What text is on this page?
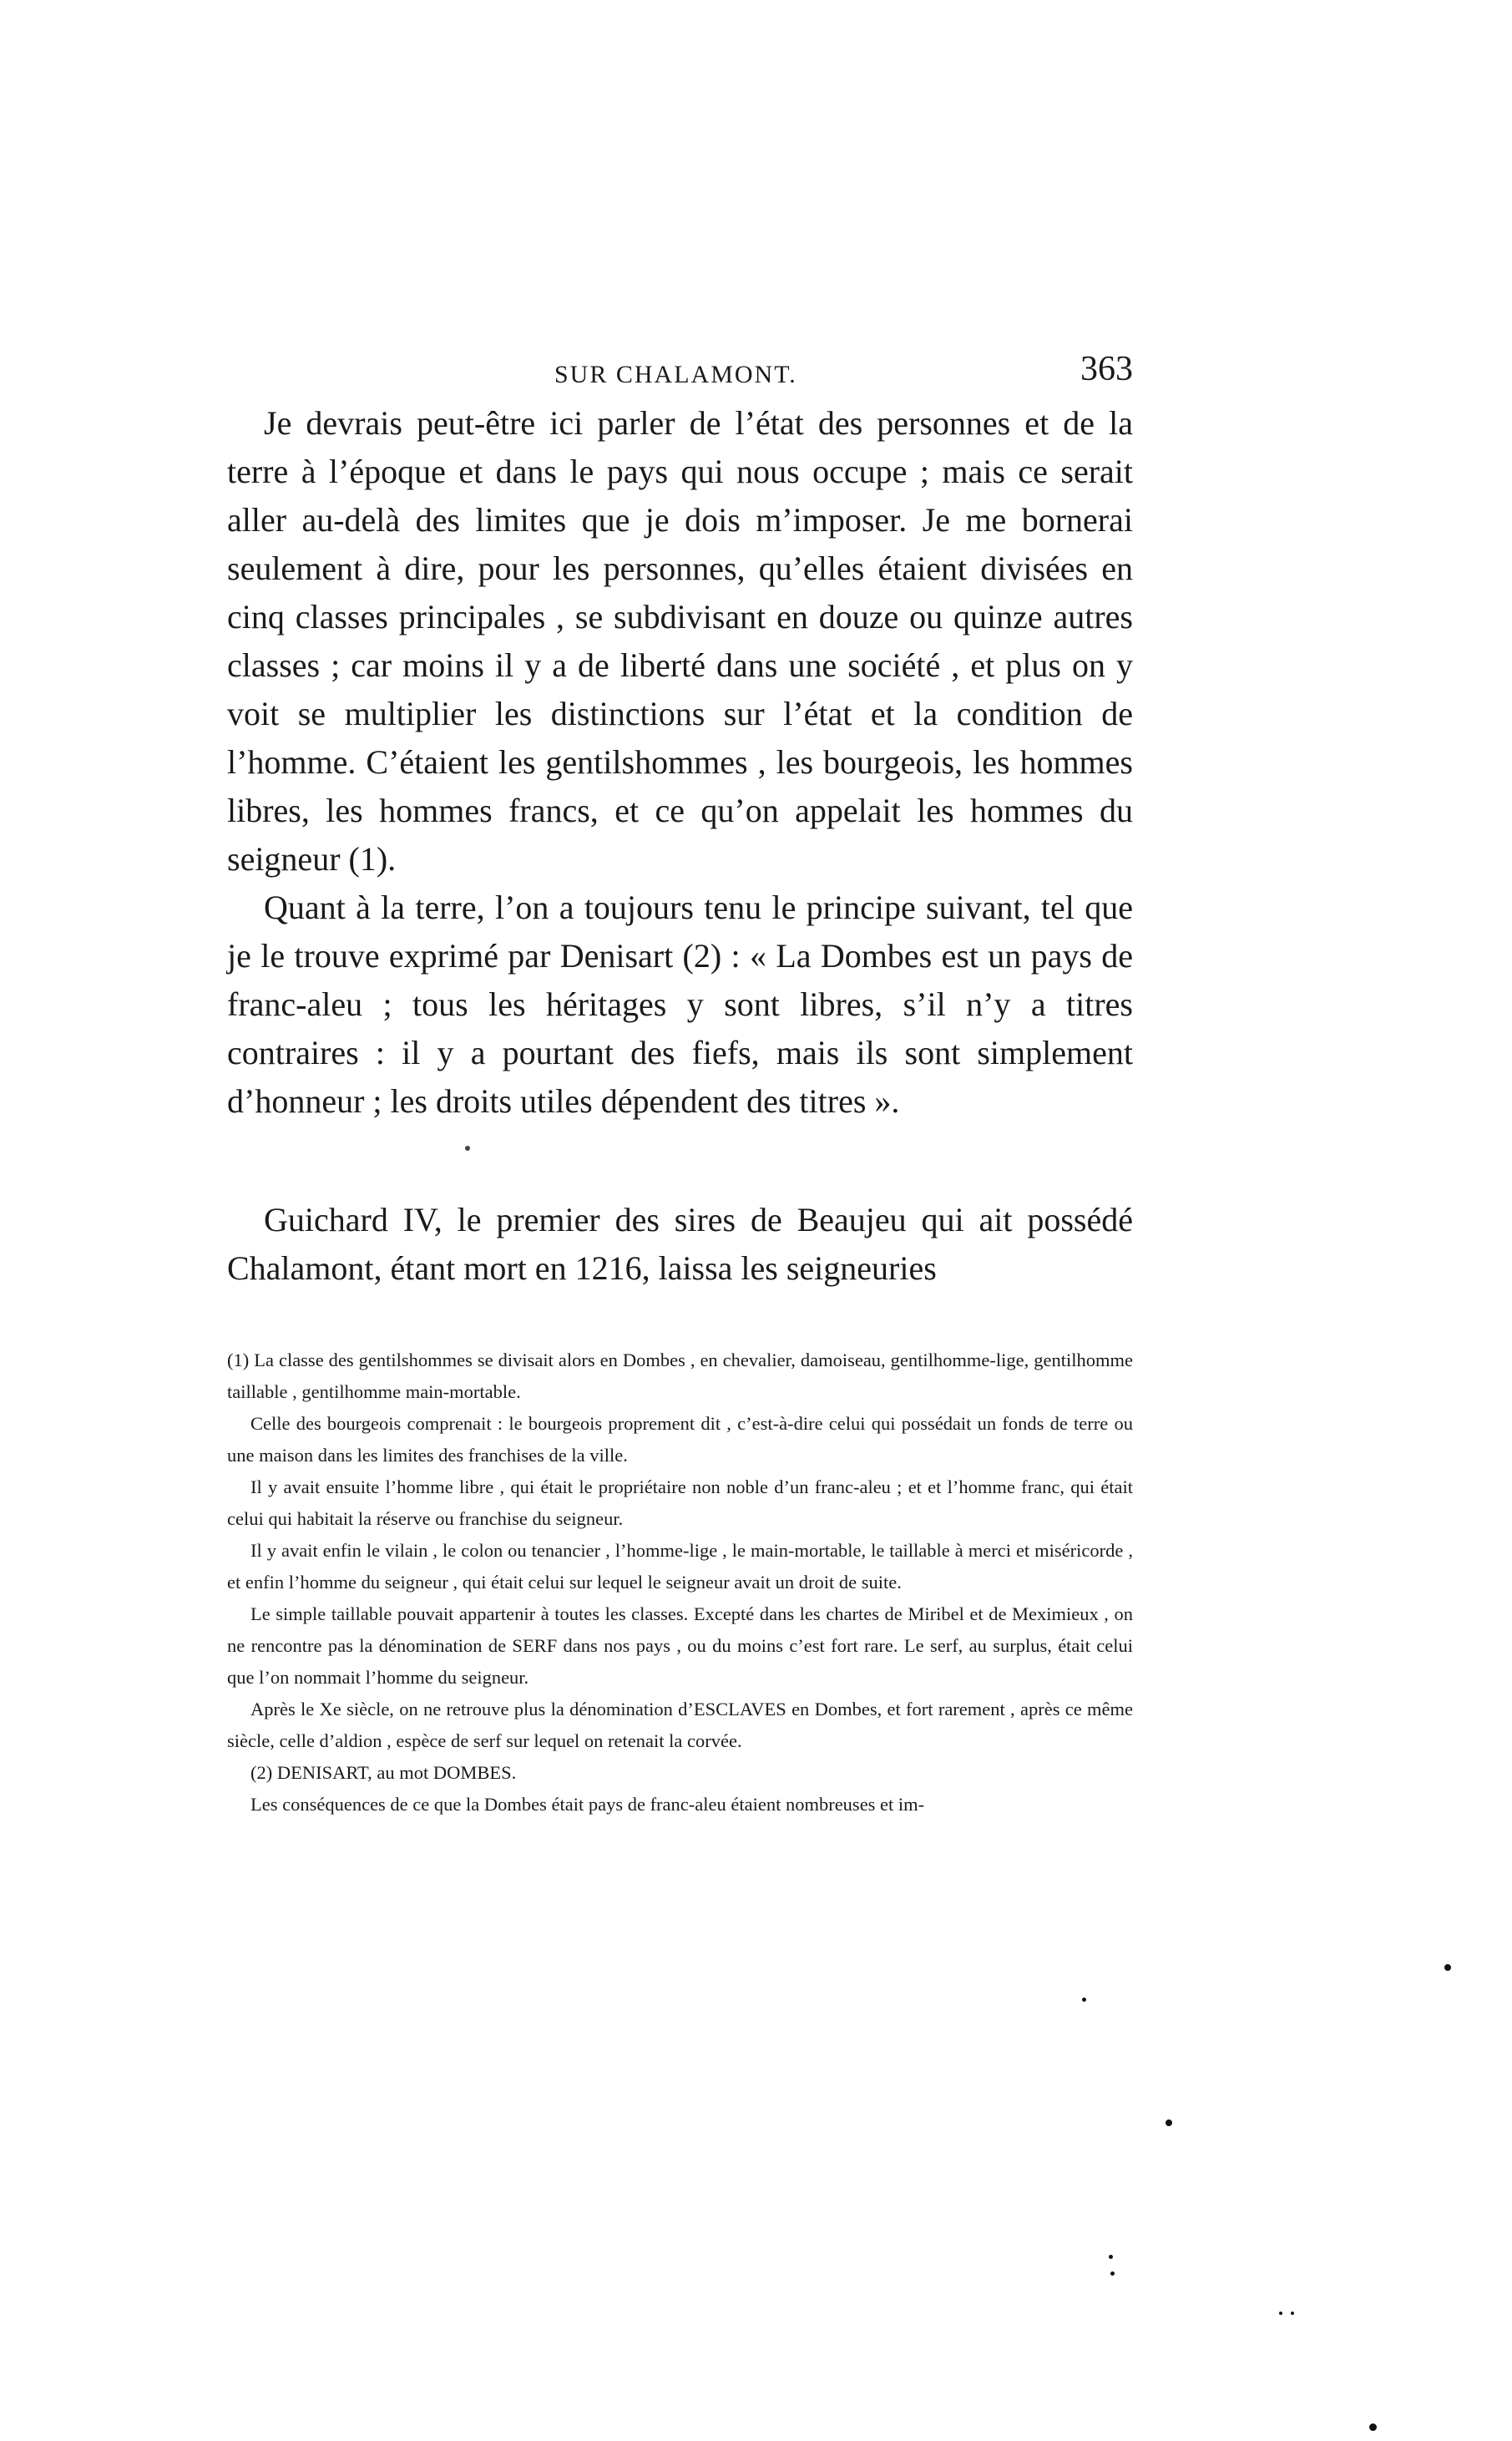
SUR CHALAMONT.	363

Je devrais peut-être ici parler de l’état des personnes et de la terre à l’époque et dans le pays qui nous occupe ; mais ce serait aller au-delà des limites que je dois m’imposer. Je me bornerai seulement à dire, pour les personnes, qu’elles étaient divisées en cinq classes principales , se subdivisant en douze ou quinze autres classes ; car moins il y a de liberté dans une société , et plus on y voit se multiplier les distinctions sur l’état et la condition de l’homme. C’étaient les gentilshommes , les bourgeois, les hommes libres, les hommes francs, et ce qu’on appelait les hommes du seigneur (1).

Quant à la terre, l’on a toujours tenu le principe suivant, tel que je le trouve exprimé par Denisart (2) : « La Dombes est un pays de franc-aleu ; tous les héritages y sont libres, s’il n’y a titres contraires : il y a pourtant des fiefs, mais ils sont simplement d’honneur ; les droits utiles dépendent des titres ».

Guichard IV, le premier des sires de Beaujeu qui ait possédé Chalamont, étant mort en 1216, laissa les seigneuries

(1) La classe des gentilshommes se divisait alors en Dombes , en chevalier, damoiseau, gentilhomme-lige, gentilhomme taillable , gentilhomme main-mortable.

Celle des bourgeois comprenait : le bourgeois proprement dit , c’est-à-dire celui qui possédait un fonds de terre ou une maison dans les limites des franchises de la ville.

Il y avait ensuite l’homme libre , qui était le propriétaire non noble d’un franc-aleu ; et et l’homme franc, qui était celui qui habitait la réserve ou franchise du seigneur.

Il y avait enfin le vilain , le colon ou tenancier , l’homme-lige , le main-mortable, le taillable à merci et miséricorde , et enfin l’homme du seigneur , qui était celui sur lequel le seigneur avait un droit de suite.

Le simple taillable pouvait appartenir à toutes les classes. Excepté dans les chartes de Miribel et de Meximieux , on ne rencontre pas la dénomination de SERF dans nos pays , ou du moins c’est fort rare. Le serf, au surplus, était celui que l’on nommait l’homme du seigneur.

Après le Xe siècle, on ne retrouve plus la dénomination d’ESCLAVES en Dombes, et fort rarement , après ce même siècle, celle d’aldion , espèce de serf sur lequel on retenait la corvée.

(2) DENISART, au mot DOMBES.

Les conséquences de ce que la Dombes était pays de franc-aleu étaient nombreuses et im-
